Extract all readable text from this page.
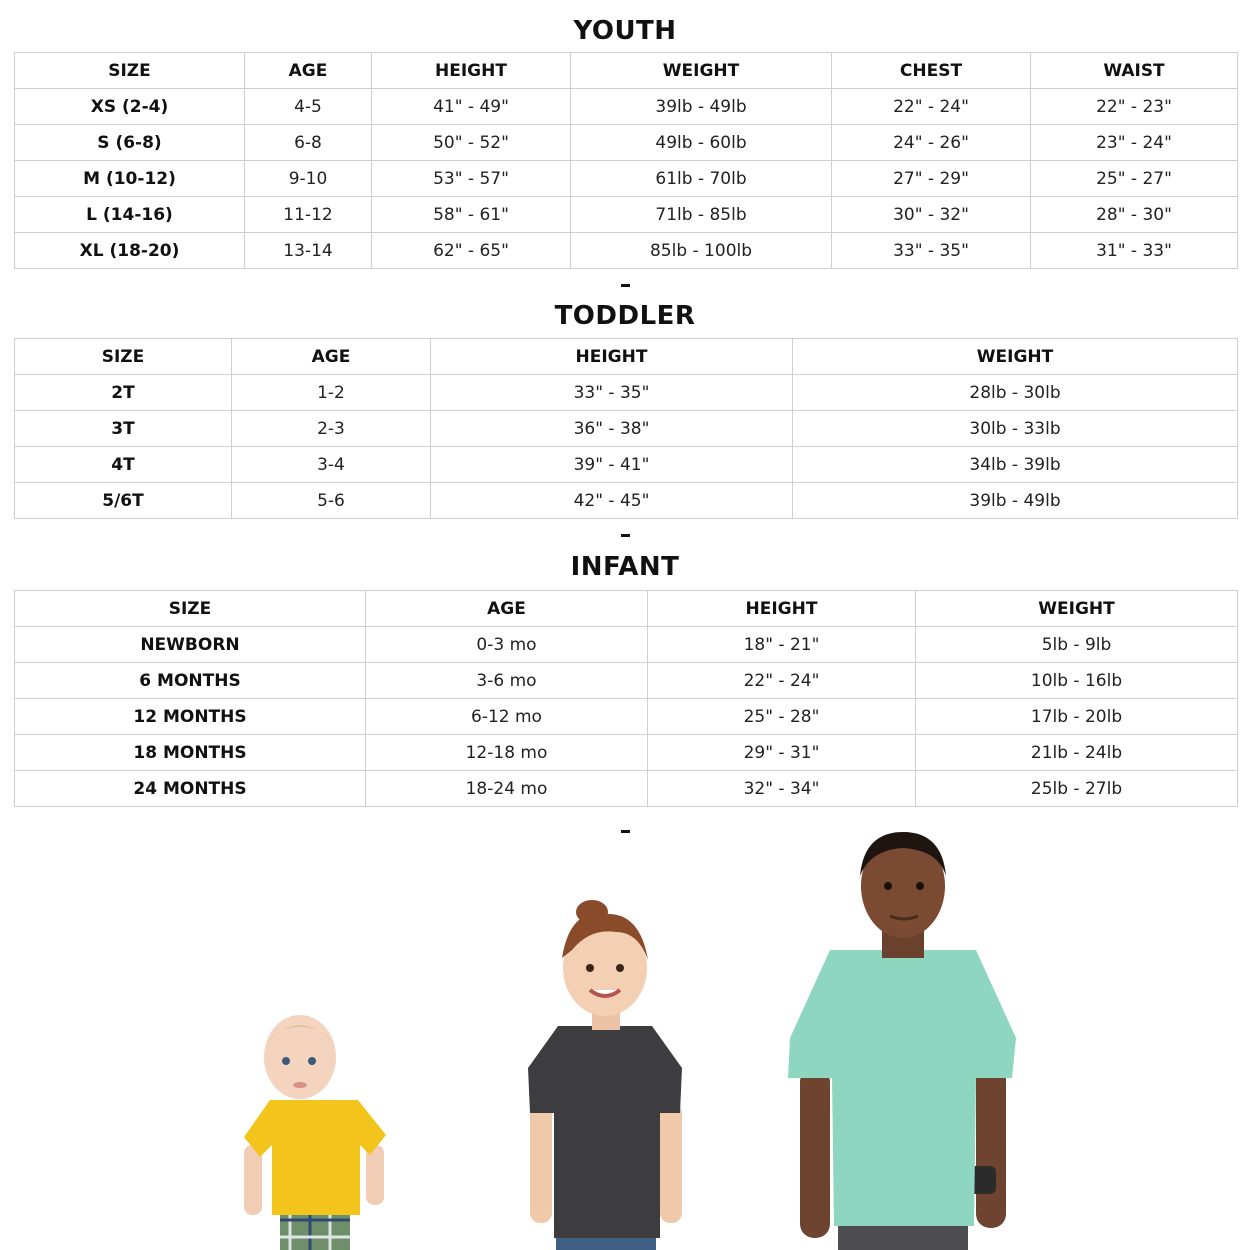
YOUTH
SIZE	AGE	HEIGHT	WEIGHT	CHEST	WAIST
XS (2-4)	4-5	41" - 49"	39lb - 49lb	22" - 24"	22" - 23"
S (6-8)	6-8	50" - 52"	49lb - 60lb	24" - 26"	23" - 24"
M (10-12)	9-10	53" - 57"	61lb - 70lb	27" - 29"	25" - 27"
L (14-16)	11-12	58" - 61"	71lb - 85lb	30" - 32"	28" - 30"
XL (18-20)	13-14	62" - 65"	85lb - 100lb	33" - 35"	31" - 33"
TODDLER
SIZE	AGE	HEIGHT	WEIGHT
2T	1-2	33" - 35"	28lb - 30lb
3T	2-3	36" - 38"	30lb - 33lb
4T	3-4	39" - 41"	34lb - 39lb
5/6T	5-6	42" - 45"	39lb - 49lb
INFANT
SIZE	AGE	HEIGHT	WEIGHT
NEWBORN	0-3 mo	18" - 21"	5lb - 9lb
6 MONTHS	3-6 mo	22" - 24"	10lb - 16lb
12 MONTHS	6-12 mo	25" - 28"	17lb - 20lb
18 MONTHS	12-18 mo	29" - 31"	21lb - 24lb
24 MONTHS	18-24 mo	32" - 34"	25lb - 27lb
